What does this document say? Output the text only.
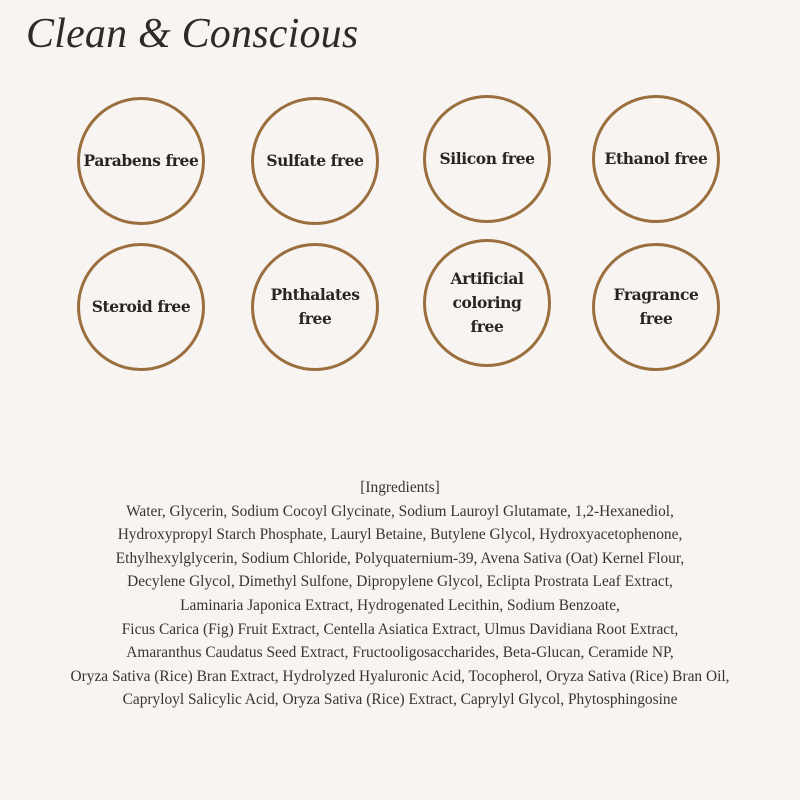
Clean & Conscious
Parabens free	Sulfate free	Silicon free	Ethanol free
Steroid free
Phthalates free
Artificial
coloring
free
Fragrance free
[Ingredients]
Water, Glycerin, Sodium Cocoyl Glycinate, Sodium Lauroyl Glutamate, 1,2-Hexanediol,
Hydroxypropyl Starch Phosphate, Lauryl Betaine, Butylene Glycol, Hydroxyacetophenone,
Ethylhexylglycerin, Sodium Chloride, Polyquaternium-39, Avena Sativa (Oat) Kernel Flour,
Decylene Glycol, Dimethyl Sulfone, Dipropylene Glycol, Eclipta Prostrata Leaf Extract,
Laminaria Japonica Extract, Hydrogenated Lecithin, Sodium Benzoate,
Ficus Carica (Fig) Fruit Extract, Centella Asiatica Extract, Ulmus Davidiana Root Extract,
Amaranthus Caudatus Seed Extract, Fructooligosaccharides, Beta-Glucan, Ceramide NP,
Oryza Sativa (Rice) Bran Extract, Hydrolyzed Hyaluronic Acid, Tocopherol, Oryza Sativa (Rice) Bran Oil,
Capryloyl Salicylic Acid, Oryza Sativa (Rice) Extract, Caprylyl Glycol, Phytosphingosine
